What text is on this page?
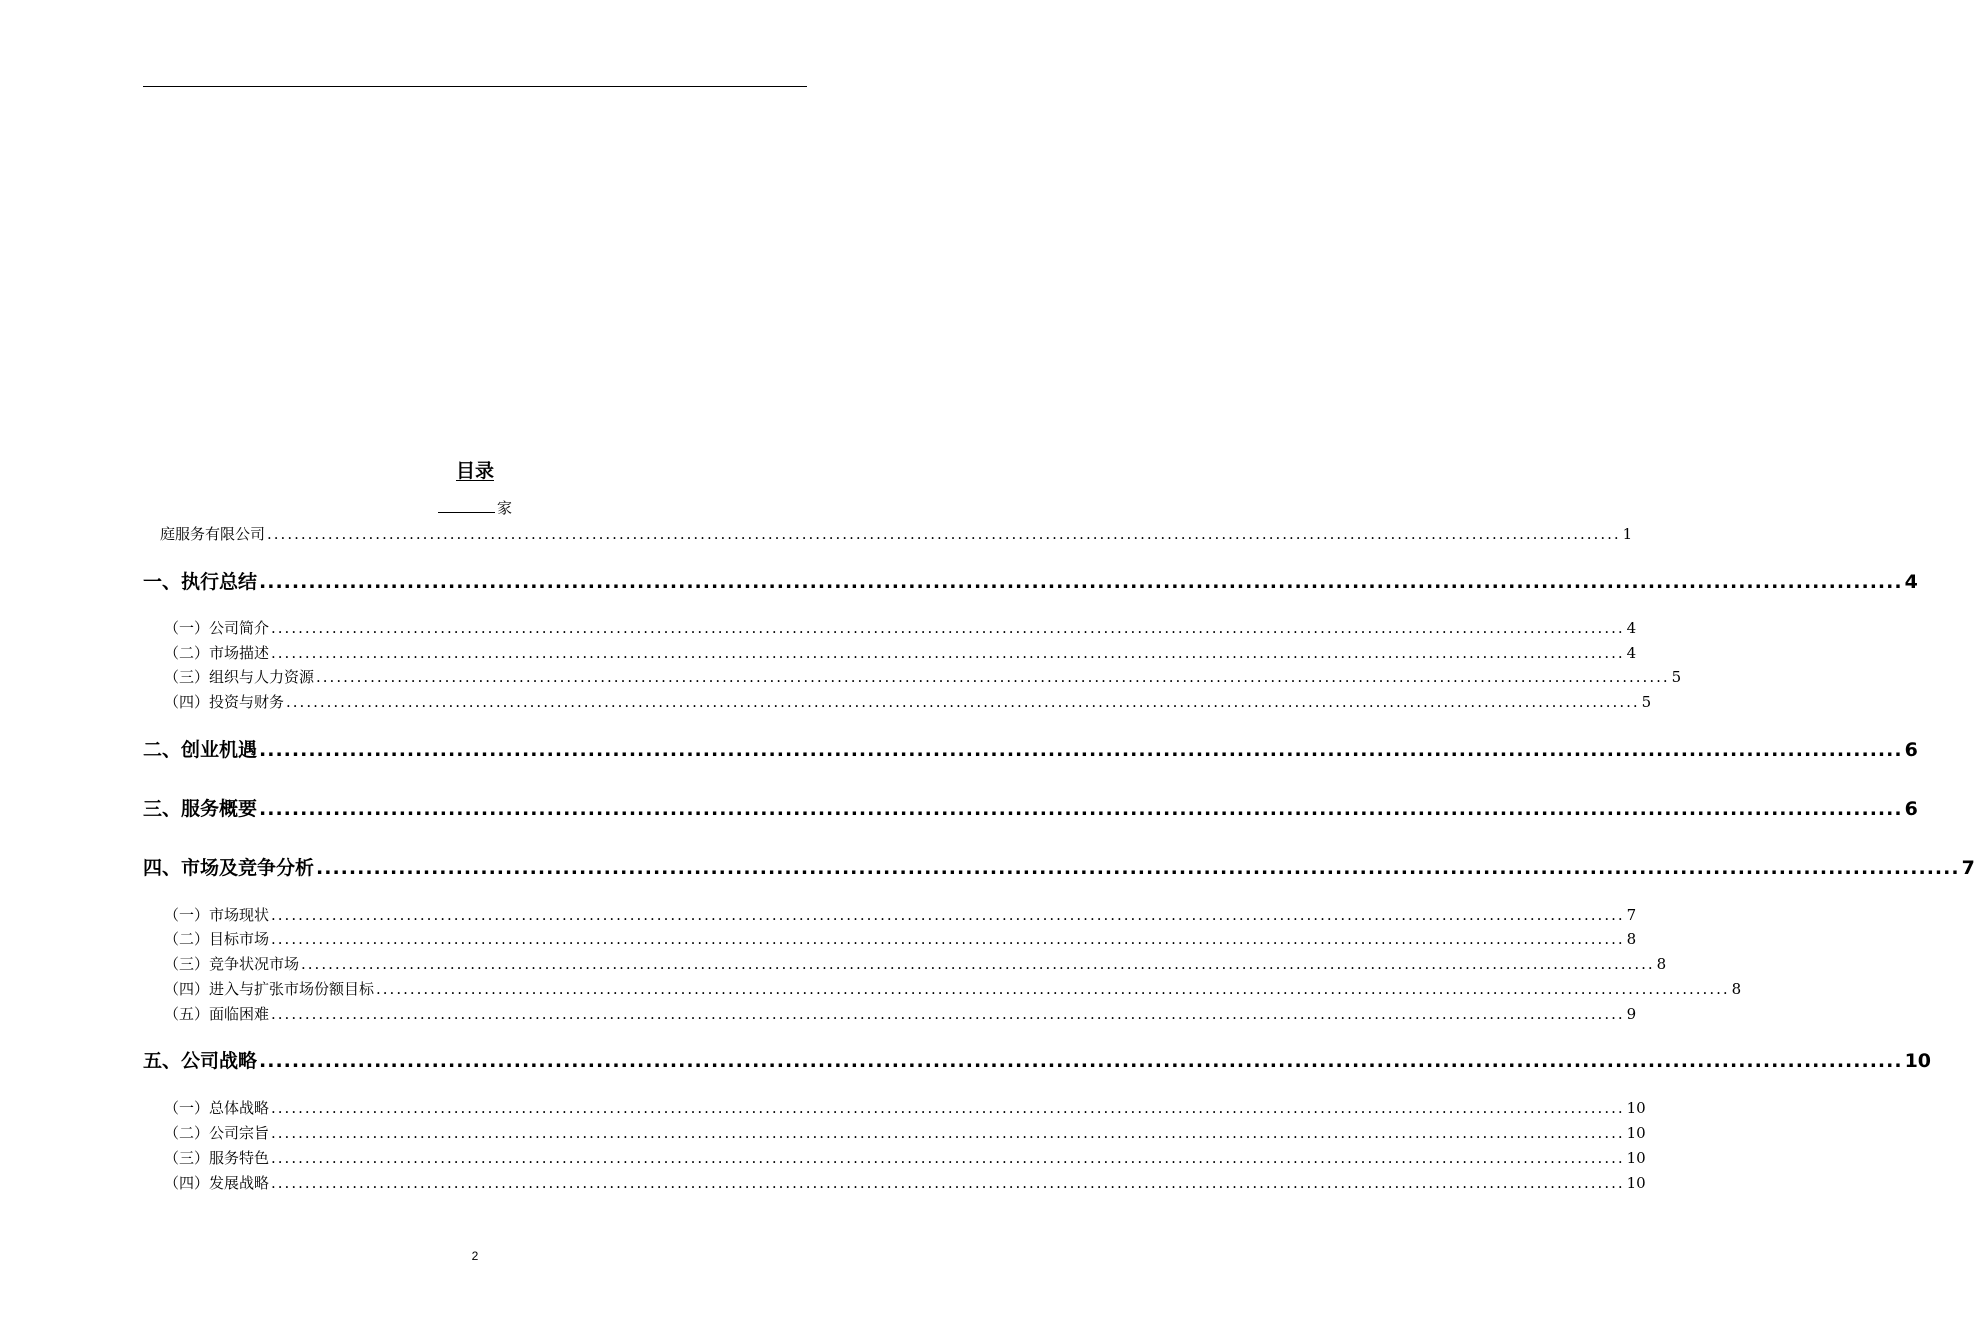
目录
家
庭服务有限公司 ........................................................................................................................................................................................................ 1
一、执行总结 ........................................................................................................................................................................................................ 4
（一）公司简介 ........................................................................................................................................................................................................ 4
（二）市场描述 ........................................................................................................................................................................................................ 4
（三）组织与人力资源 ........................................................................................................................................................................................................ 5
（四）投资与财务 ........................................................................................................................................................................................................ 5
二、创业机遇 ........................................................................................................................................................................................................ 6
三、服务概要 ........................................................................................................................................................................................................ 6
四、市场及竞争分析 ........................................................................................................................................................................................................ 7
（一）市场现状 ........................................................................................................................................................................................................ 7
（二）目标市场 ........................................................................................................................................................................................................ 8
（三）竞争状况市场 ........................................................................................................................................................................................................ 8
（四）进入与扩张市场份额目标 ........................................................................................................................................................................................................ 8
（五）面临困难 ........................................................................................................................................................................................................ 9
五、公司战略 ........................................................................................................................................................................................................ 10
（一）总体战略 ........................................................................................................................................................................................................ 10
（二）公司宗旨 ........................................................................................................................................................................................................ 10
（三）服务特色 ........................................................................................................................................................................................................ 10
（四）发展战略 ........................................................................................................................................................................................................ 10
2
